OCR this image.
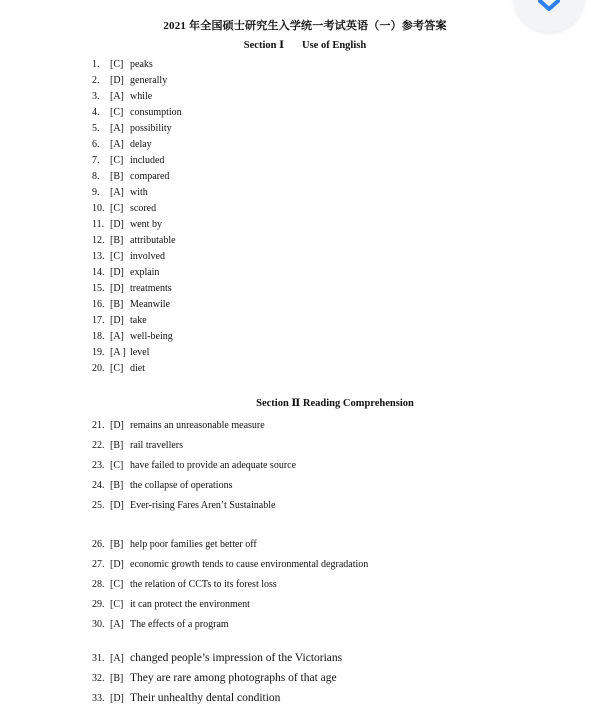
2021 年全国硕士研究生入学统一考试英语（一）参考答案
Section Ⅰ Use of English
1. [C] peaks
2. [D] generally
3. [A] while
4. [C] consumption
5. [A] possibility
6. [A] delay
7. [C] included
8. [B] compared
9. [A] with
10. [C] scored
11. [D] went by
12. [B] attributable
13. [C] involved
14. [D] explain
15. [D] treatments
16. [B] Meanwile
17. [D] take
18. [A] well-being
19. [A ] level
20. [C] diet
Section Ⅱ Reading Comprehension
21. [D] remains an unreasonable measure
22. [B] rail travellers
23. [C] have failed to provide an adequate source
24. [B] the collapse of operations
25. [D] Ever-rising Fares Aren’t Sustainable
26. [B] help poor families get better off
27. [D] economic growth tends to cause environmental degradation
28. [C] the relation of CCTs to its forest loss
29. [C] it can protect the environment
30. [A] The effects of a program
31. [A] changed people’s impression of the Victorians
32. [B] They are rare among photographs of that age
33. [D] Their unhealthy dental condition
